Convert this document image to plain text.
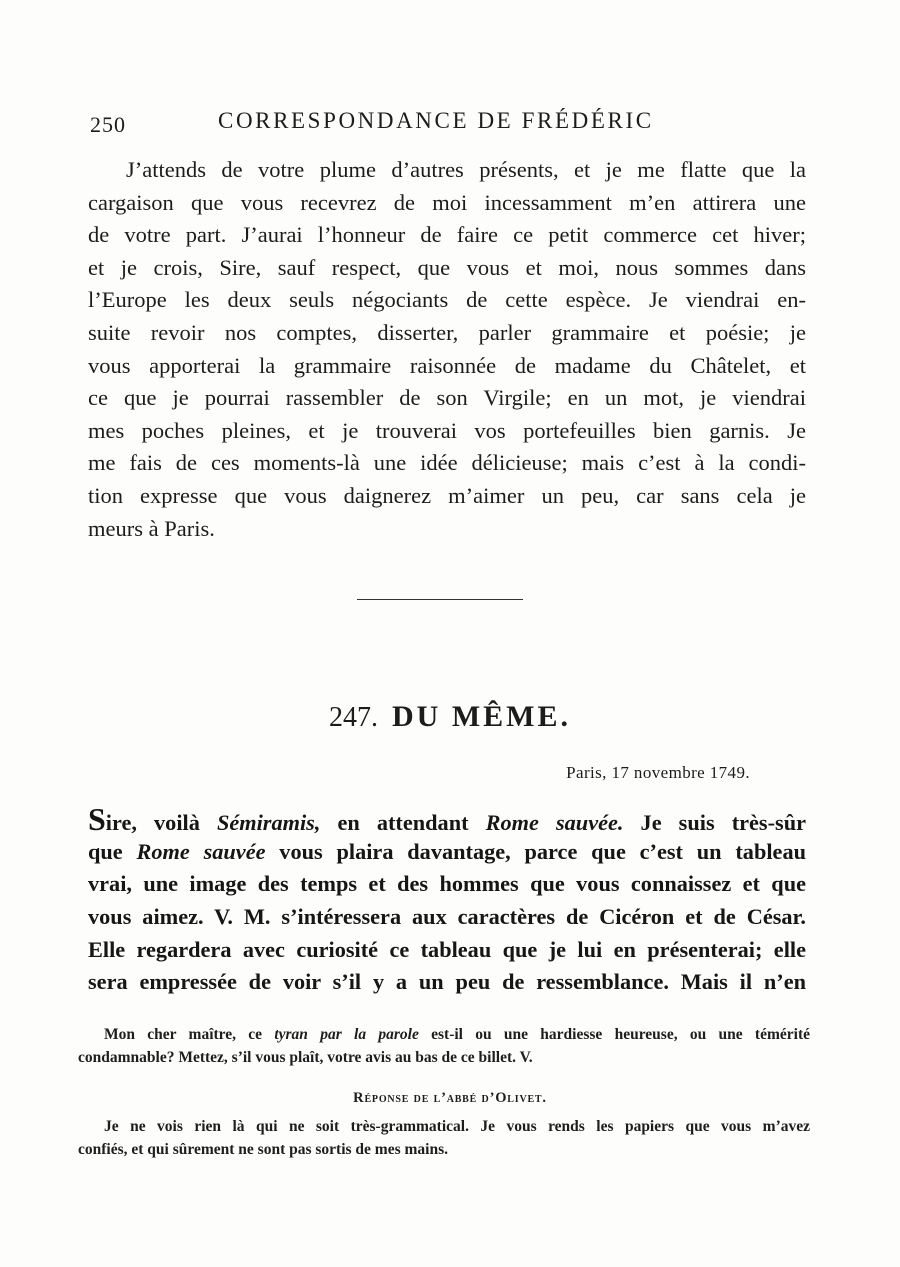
250	CORRESPONDANCE DE FRÉDÉRIC
J’attends de votre plume d’autres présents, et je me flatte que la
cargaison que vous recevrez de moi incessamment m’en attirera une
de votre part. J’aurai l’honneur de faire ce petit commerce cet hiver;
et je crois, Sire, sauf respect, que vous et moi, nous sommes dans
l’Europe les deux seuls négociants de cette espèce. Je viendrai en-
suite revoir nos comptes, disserter, parler grammaire et poésie; je
vous apporterai la grammaire raisonnée de madame du Châtelet, et
ce que je pourrai rassembler de son Virgile; en un mot, je viendrai
mes poches pleines, et je trouverai vos portefeuilles bien garnis. Je
me fais de ces moments-là une idée délicieuse; mais c’est à la condi-
tion expresse que vous daignerez m’aimer un peu, car sans cela je
meurs à Paris.
247. DU MÊME.
Paris, 17 novembre 1749.
Sire, voilà Sémiramis, en attendant Rome sauvée. Je suis très-sûr
que Rome sauvée vous plaira davantage, parce que c’est un tableau
vrai, une image des temps et des hommes que vous connaissez et que
vous aimez. V. M. s’intéressera aux caractères de Cicéron et de César.
Elle regardera avec curiosité ce tableau que je lui en présenterai; elle
sera empressée de voir s’il y a un peu de ressemblance. Mais il n’en
Mon cher maître, ce tyran par la parole est-il ou une hardiesse heureuse, ou une témérité
condamnable? Mettez, s’il vous plaît, votre avis au bas de ce billet. V.
Réponse de l’abbé d’Olivet.
Je ne vois rien là qui ne soit très-grammatical. Je vous rends les papiers que vous m’avez
confiés, et qui sûrement ne sont pas sortis de mes mains.
